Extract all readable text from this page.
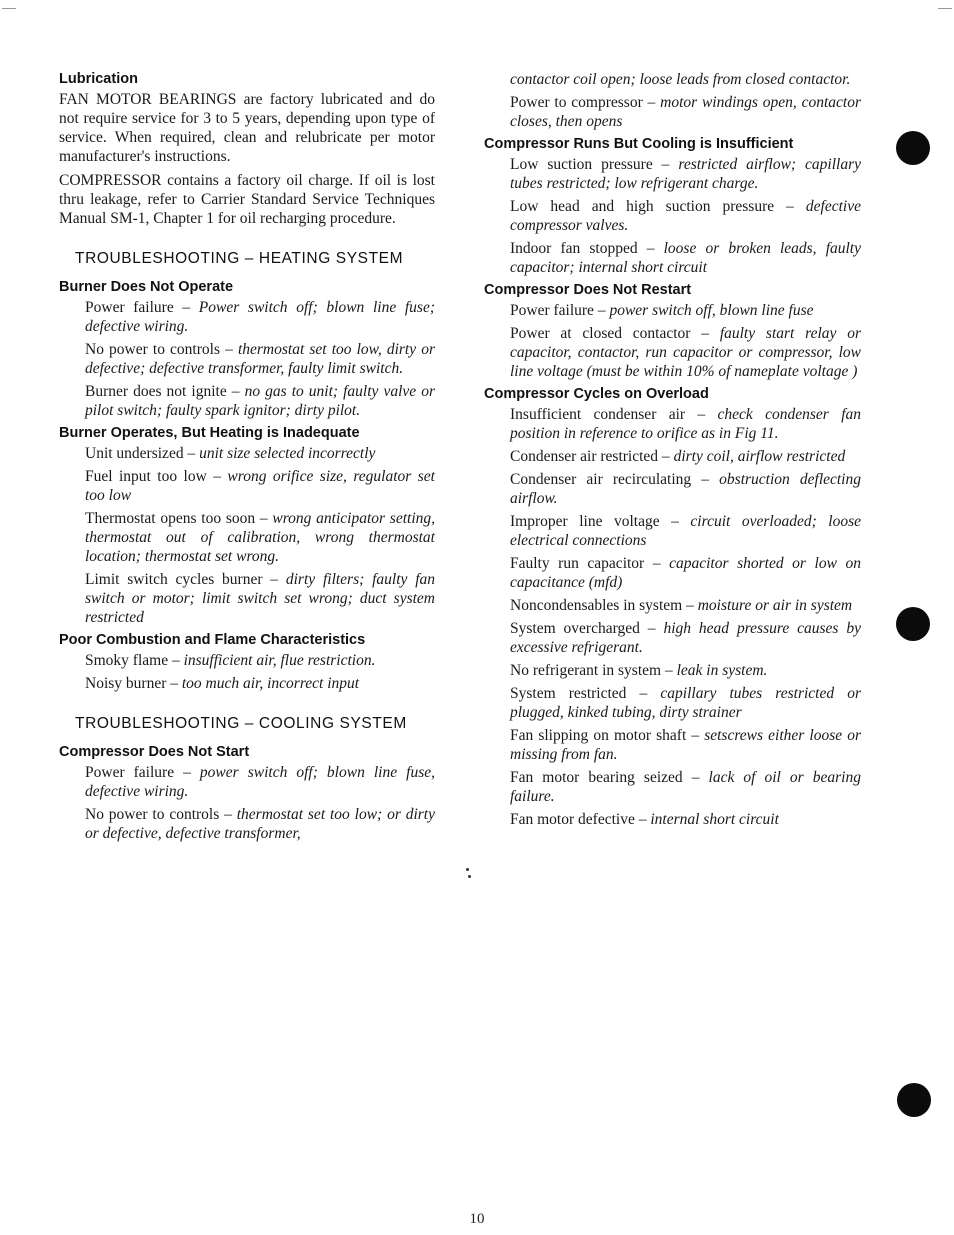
Lubrication

FAN MOTOR BEARINGS are factory lubricated and do not require service for 3 to 5 years, depending upon type of service. When required, clean and relubricate per motor manufacturer's instructions.

COMPRESSOR contains a factory oil charge. If oil is lost thru leakage, refer to Carrier Standard Service Techniques Manual SM-1, Chapter 1 for oil recharging procedure.

TROUBLESHOOTING – HEATING SYSTEM
Burner Does Not Operate

Power failure – Power switch off; blown line fuse; defective wiring.

No power to controls – thermostat set too low, dirty or defective; defective transformer, faulty limit switch.

Burner does not ignite – no gas to unit; faulty valve or pilot switch; faulty spark ignitor; dirty pilot.

Burner Operates, But Heating is Inadequate

Unit undersized – unit size selected incorrectly

Fuel input too low – wrong orifice size, regulator set too low

Thermostat opens too soon – wrong anticipator setting, thermostat out of calibration, wrong thermostat location; thermostat set wrong.

Limit switch cycles burner – dirty filters; faulty fan switch or motor; limit switch set wrong; duct system restricted

Poor Combustion and Flame Characteristics

Smoky flame – insufficient air, flue restriction.

Noisy burner – too much air, incorrect input

TROUBLESHOOTING – COOLING SYSTEM
Compressor Does Not Start

Power failure – power switch off; blown line fuse, defective wiring.

No power to controls – thermostat set too low; or dirty or defective, defective transformer,

contactor coil open; loose leads from closed contactor.

Power to compressor – motor windings open, contactor closes, then opens

Compressor Runs But Cooling is Insufficient

Low suction pressure – restricted airflow; capillary tubes restricted; low refrigerant charge.

Low head and high suction pressure – defective compressor valves.

Indoor fan stopped – loose or broken leads, faulty capacitor; internal short circuit

Compressor Does Not Restart

Power failure – power switch off, blown line fuse

Power at closed contactor – faulty start relay or capacitor, contactor, run capacitor or compressor, low line voltage (must be within 10% of nameplate voltage )

Compressor Cycles on Overload

Insufficient condenser air – check condenser fan position in reference to orifice as in Fig 11.

Condenser air restricted – dirty coil, airflow restricted

Condenser air recirculating – obstruction deflecting airflow.

Improper line voltage – circuit overloaded; loose electrical connections

Faulty run capacitor – capacitor shorted or low on capacitance (mfd)

Noncondensables in system – moisture or air in system

System overcharged – high head pressure causes by excessive refrigerant.

No refrigerant in system – leak in system.

System restricted – capillary tubes restricted or plugged, kinked tubing, dirty strainer

Fan slipping on motor shaft – setscrews either loose or missing from fan.

Fan motor bearing seized – lack of oil or bearing failure.

Fan motor defective – internal short circuit

10
